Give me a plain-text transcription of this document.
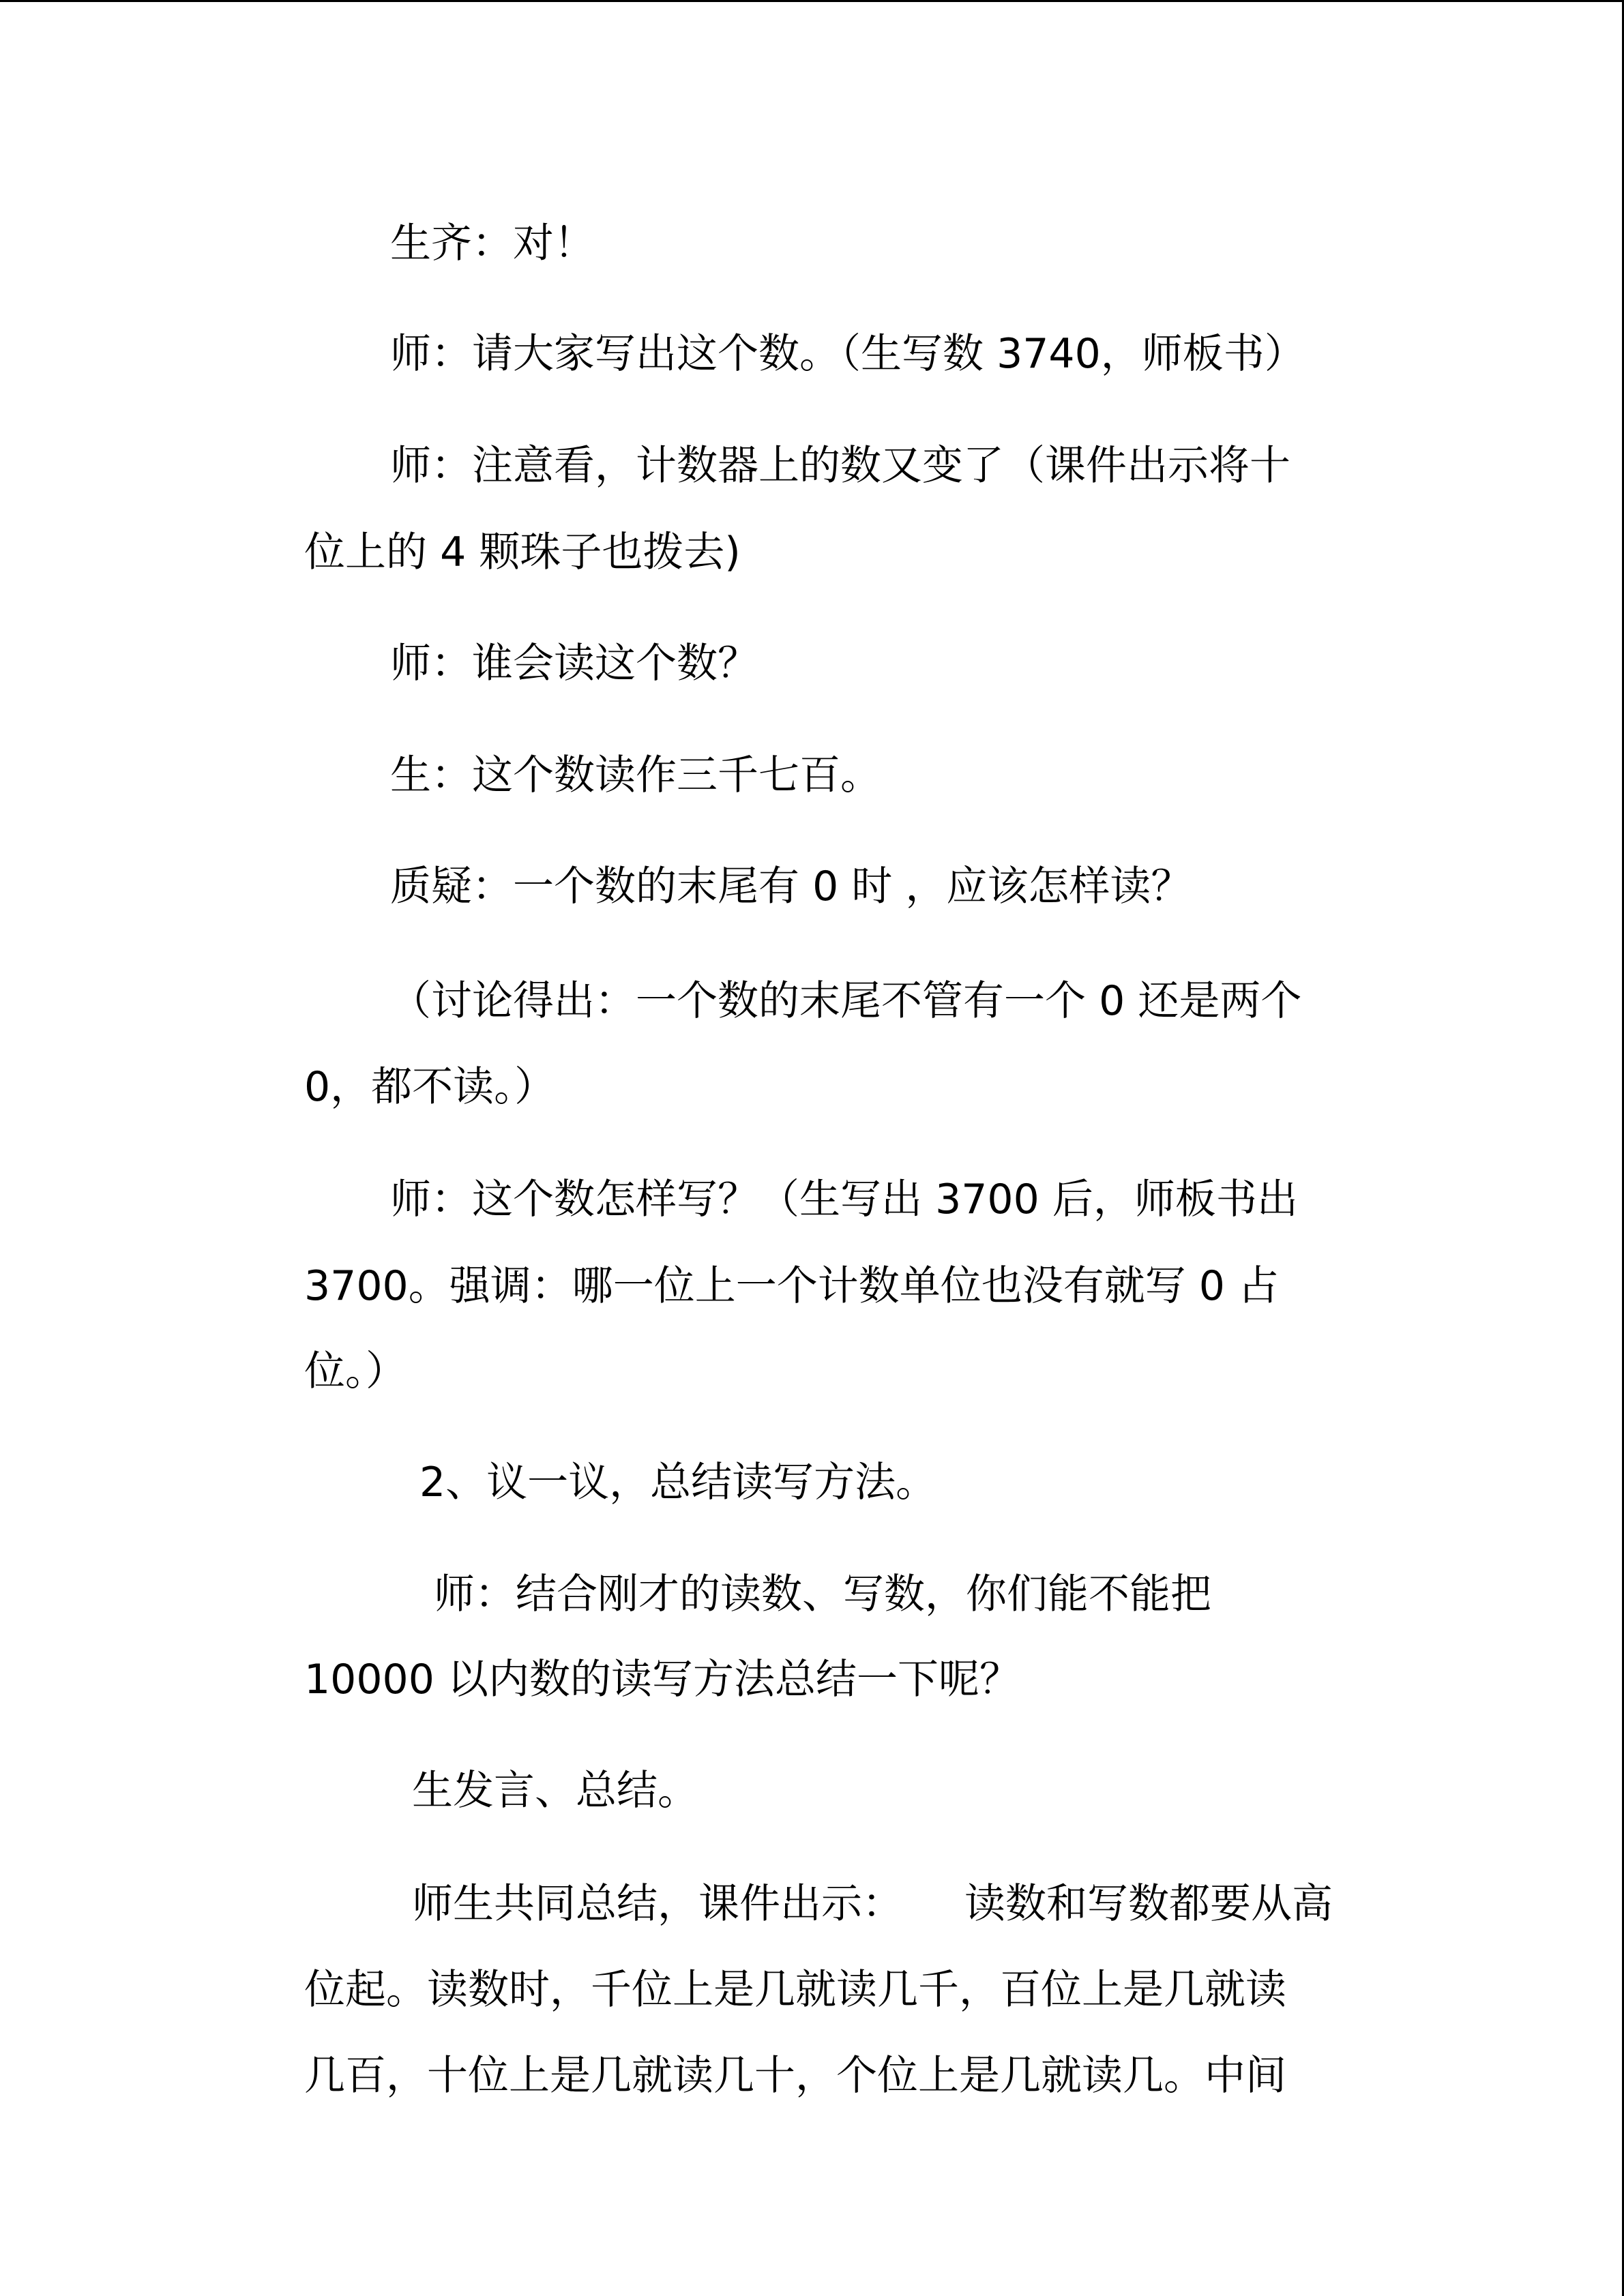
生齐：对！
师：请大家写出这个数。（生写数 3740，师板书）
师：注意看，计数器上的数又变了（课件出示将十
位上的 4 颗珠子也拨去)
师：谁会读这个数？
生：这个数读作三千七百。
质疑：一个数的末尾有 0 时 ，应该怎样读？
（讨论得出：一个数的末尾不管有一个 0 还是两个
0，都不读。）
师：这个数怎样写？（生写出 3700 后，师板书出
3700。强调：哪一位上一个计数单位也没有就写 0 占
位。）
2、议一议，总结读写方法。
师：结合刚才的读数、写数，你们能不能把
10000 以内数的读写方法总结一下呢？
生发言、总结。
师生共同总结，课件出示：　　读数和写数都要从高
位起。读数时，千位上是几就读几千，百位上是几就读
几百，十位上是几就读几十，个位上是几就读几。中间
